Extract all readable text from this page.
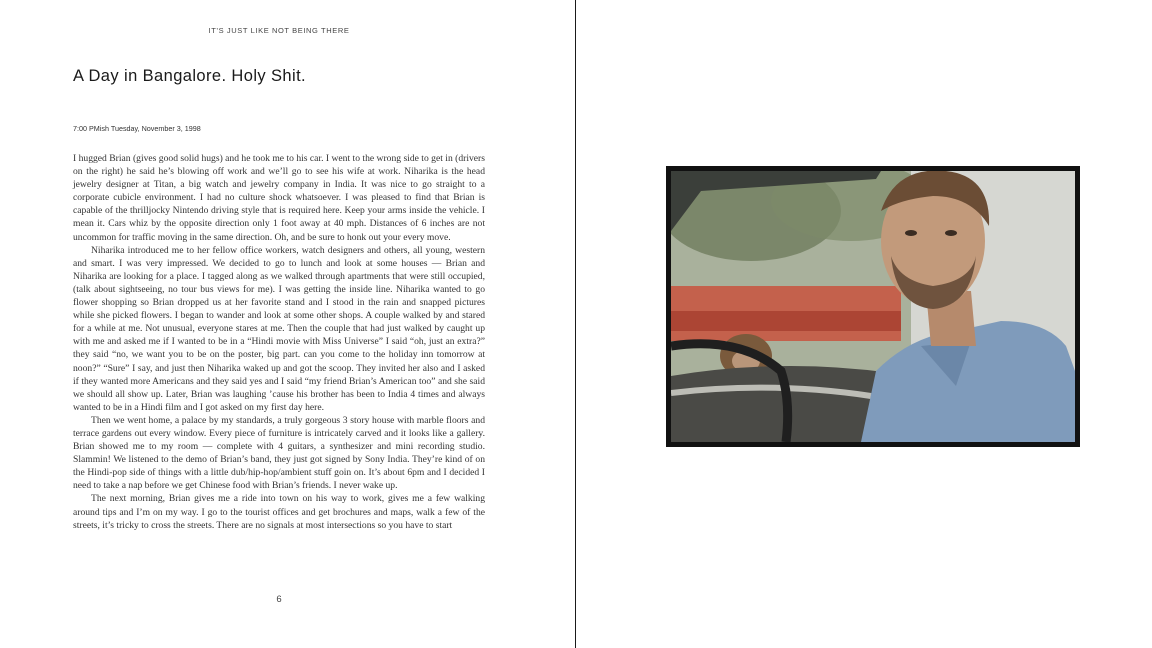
IT’S JUST LIKE NOT BEING THERE
A Day in Bangalore. Holy Shit.
7:00 PMish Tuesday, November 3, 1998

I hugged Brian (gives good solid hugs) and he took me to his car. I went to the wrong side to get in (drivers on the right) he said he’s blowing off work and we’ll go to see his wife at work. Niharika is the head jewelry designer at Titan, a big watch and jewelry company in India. It was nice to go straight to a corporate cubicle environment. I had no culture shock whatsoever. I was pleased to find that Brian is capable of the thrilljocky Nintendo driving style that is required here. Keep your arms inside the vehicle. I mean it. Cars whiz by the opposite direction only 1 foot away at 40 mph. Distances of 6 inches are not uncommon for traffic moving in the same direction. Oh, and be sure to honk out your every move.

Niharika introduced me to her fellow office workers, watch designers and others, all young, western and smart. I was very impressed. We decided to go to lunch and look at some houses — Brian and Niharika are looking for a place. I tagged along as we walked through apartments that were still occupied, (talk about sightseeing, no tour bus views for me). I was getting the inside line. Niharika wanted to go flower shopping so Brian dropped us at her favorite stand and I stood in the rain and snapped pictures while she picked flowers. I began to wander and look at some other shops. A couple walked by and stared for a while at me. Not unusual, everyone stares at me. Then the couple that had just walked by caught up with me and asked me if I wanted to be in a “Hindi movie with Miss Universe” I said “oh, just an extra?” they said “no, we want you to be on the poster, big part. can you come to the holiday inn tomorrow at noon?” “Sure” I say, and just then Niharika waked up and got the scoop. They invited her also and I asked if they wanted more Americans and they said yes and I said “my friend Brian’s American too” and she said we should all show up. Later, Brian was laughing ’cause his brother has been to India 4 times and always wanted to be in a Hindi film and I got asked on my first day here.

Then we went home, a palace by my standards, a truly gorgeous 3 story house with marble floors and terrace gardens out every window. Every piece of furniture is intricately carved and it looks like a gallery. Brian showed me to my room — complete with 4 guitars, a synthesizer and mini recording studio. Slammin! We listened to the demo of Brian’s band, they just got signed by Sony India. They’re kind of on the Hindi-pop side of things with a little dub/hip-hop/ambient stuff goin on. It’s about 6pm and I decided I need to take a nap before we get Chinese food with Brian’s friends. I never wake up.

The next morning, Brian gives me a ride into town on his way to work, gives me a few walking around tips and I’m on my way. I go to the tourist offices and get brochures and maps, walk a few of the streets, it’s tricky to cross the streets. There are no signals at most intersections so you have to start

6
